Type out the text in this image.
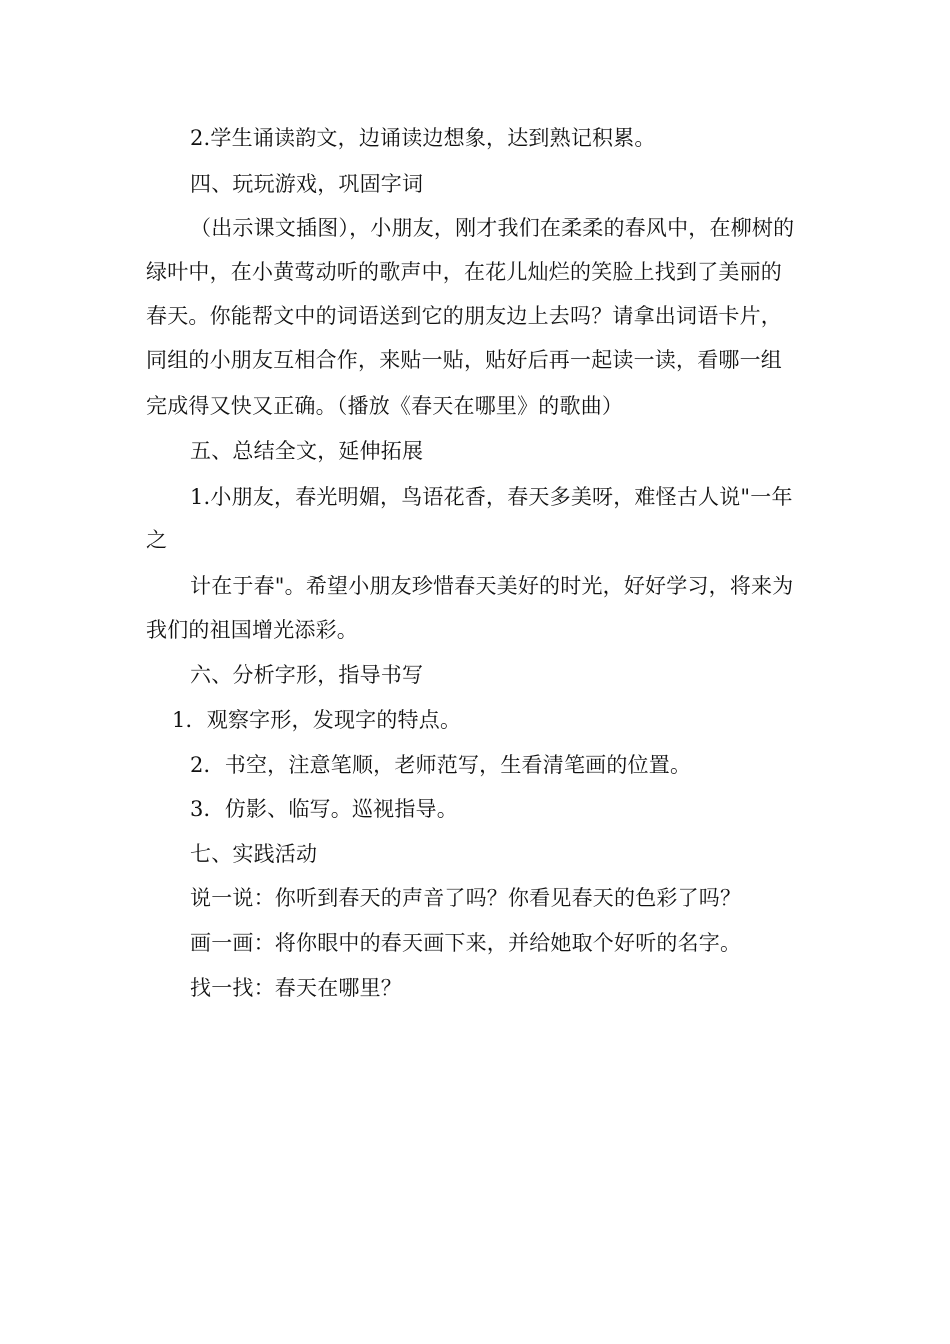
2.学生诵读韵文，边诵读边想象，达到熟记积累。
四、玩玩游戏，巩固字词
（出示课文插图），小朋友，刚才我们在柔柔的春风中，在柳树的
绿叶中，在小黄莺动听的歌声中，在花儿灿烂的笑脸上找到了美丽的
春天。你能帮文中的词语送到它的朋友边上去吗？请拿出词语卡片，
同组的小朋友互相合作，来贴一贴，贴好后再一起读一读，看哪一组
完成得又快又正确。（播放《春天在哪里》的歌曲）
五、总结全文，延伸拓展
1.小朋友，春光明媚，鸟语花香，春天多美呀，难怪古人说"一年
之
计在于春"。希望小朋友珍惜春天美好的时光，好好学习，将来为
我们的祖国增光添彩。
六、分析字形，指导书写
1．观察字形，发现字的特点。
2．书空，注意笔顺，老师范写，生看清笔画的位置。
3．仿影、临写。巡视指导。
七、实践活动
说一说：你听到春天的声音了吗？你看见春天的色彩了吗？
画一画：将你眼中的春天画下来，并给她取个好听的名字。
找一找：春天在哪里？
